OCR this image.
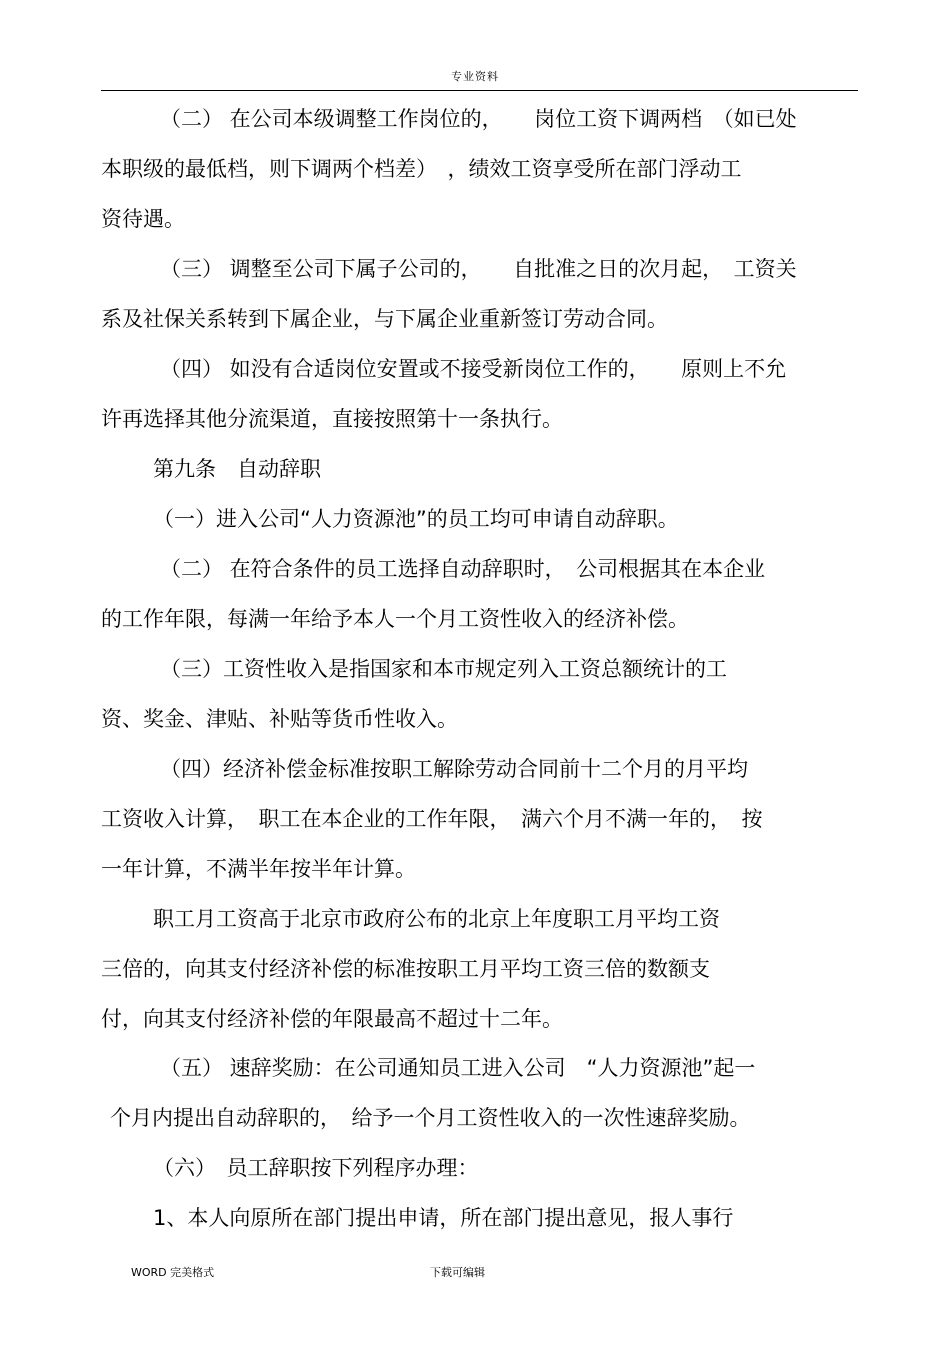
专业资料

（二） 在公司本级调整工作岗位的，　　岗位工资下调两档　（如已处

本职级的最低档，则下调两个档差）　，绩效工资享受所在部门浮动工

资待遇。

（三） 调整至公司下属子公司的，　　自批准之日的次月起，　工资关

系及社保关系转到下属企业，与下属企业重新签订劳动合同。

（四） 如没有合适岗位安置或不接受新岗位工作的，　　原则上不允

许再选择其他分流渠道，直接按照第十一条执行。

第九条　自动辞职

（一）进入公司“人力资源池”的员工均可申请自动辞职。

（二） 在符合条件的员工选择自动辞职时，　公司根据其在本企业

的工作年限，每满一年给予本人一个月工资性收入的经济补偿。

（三）工资性收入是指国家和本市规定列入工资总额统计的工

资、奖金、津贴、补贴等货币性收入。

（四）经济补偿金标准按职工解除劳动合同前十二个月的月平均

工资收入计算，　职工在本企业的工作年限，　满六个月不满一年的，　按

一年计算，不满半年按半年计算。

职工月工资高于北京市政府公布的北京上年度职工月平均工资

三倍的，向其支付经济补偿的标准按职工月平均工资三倍的数额支

付，向其支付经济补偿的年限最高不超过十二年。

（五） 速辞奖励：在公司通知员工进入公司　“人力资源池”起一

个月内提出自动辞职的，　给予一个月工资性收入的一次性速辞奖励。

（六）　员工辞职按下列程序办理：

1、本人向原所在部门提出申请，所在部门提出意见，报人事行

WORD 完美格式	下载可编辑
